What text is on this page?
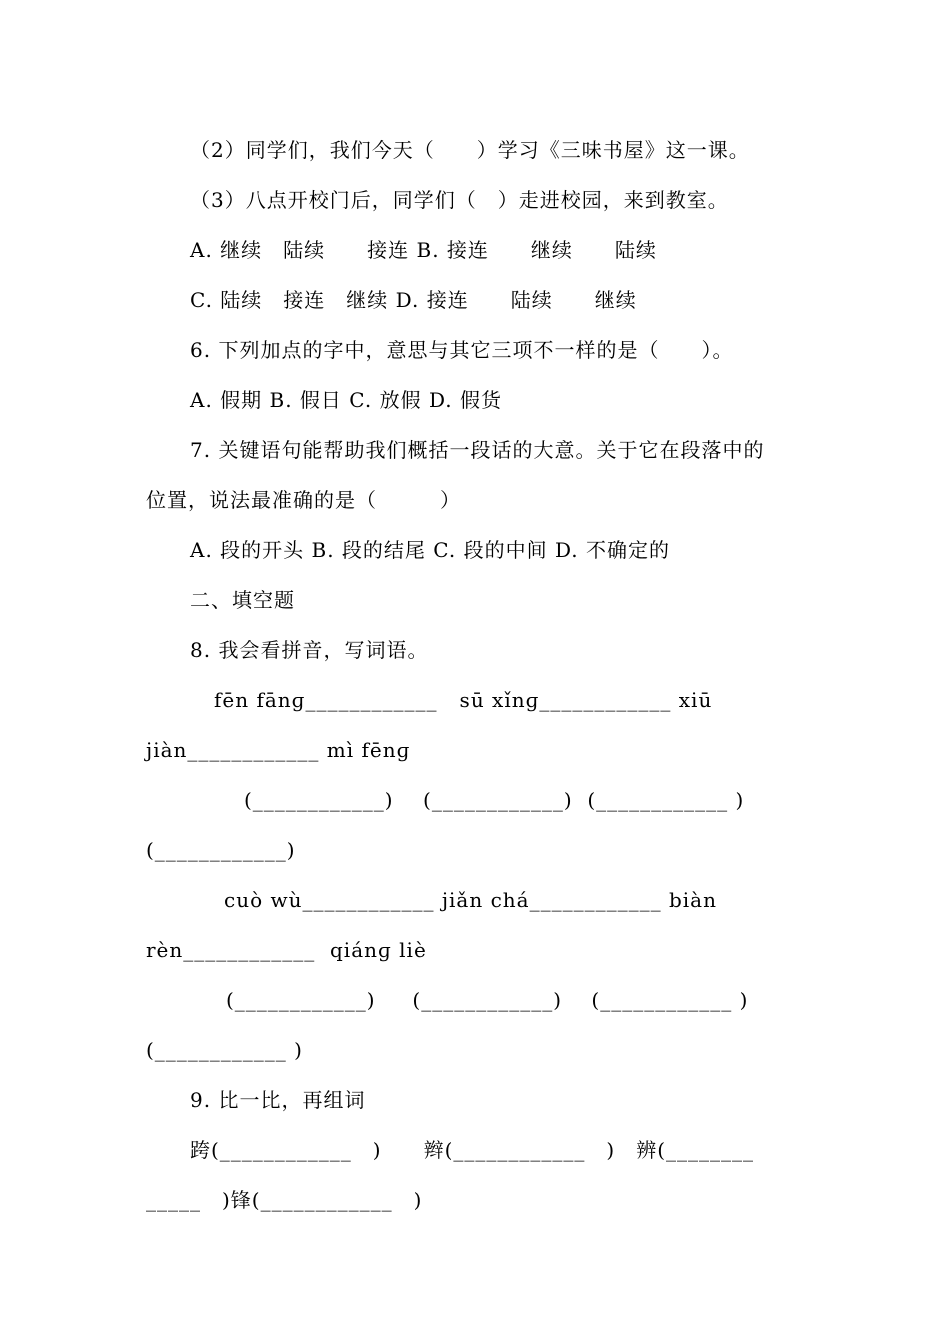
（2）同学们，我们今天（　　）学习《三味书屋》这一课。
（3）八点开校门后，同学们（　）走进校园，来到教室。
A. 继续　陆续　　接连 B. 接连　　继续　　陆续
C. 陆续　接连　继续 D. 接连　　陆续　　继续
6. 下列加点的字中，意思与其它三项不一样的是（　　）。
A. 假期 B. 假日 C. 放假 D. 假货
7. 关键语句能帮助我们概括一段话的大意。关于它在段落中的
位置，说法最准确的是（　　　）
A. 段的开头 B. 段的结尾 C. 段的中间 D. 不确定的
二、填空题
8. 我会看拼音，写词语。
fēn fānɡ____________   sū xǐnɡ____________ xiū
jiàn____________ mì fēnɡ
(____________)    (____________)  (____________ )
(____________)
cuò wù____________ jiǎn chá____________ biàn
rèn____________  qiánɡ liè
(____________)     (____________)    (____________ )
(____________ )
9. 比一比，再组词
跨(____________　)　　辫(____________　)　辨(________
_____　)锋(____________　)
